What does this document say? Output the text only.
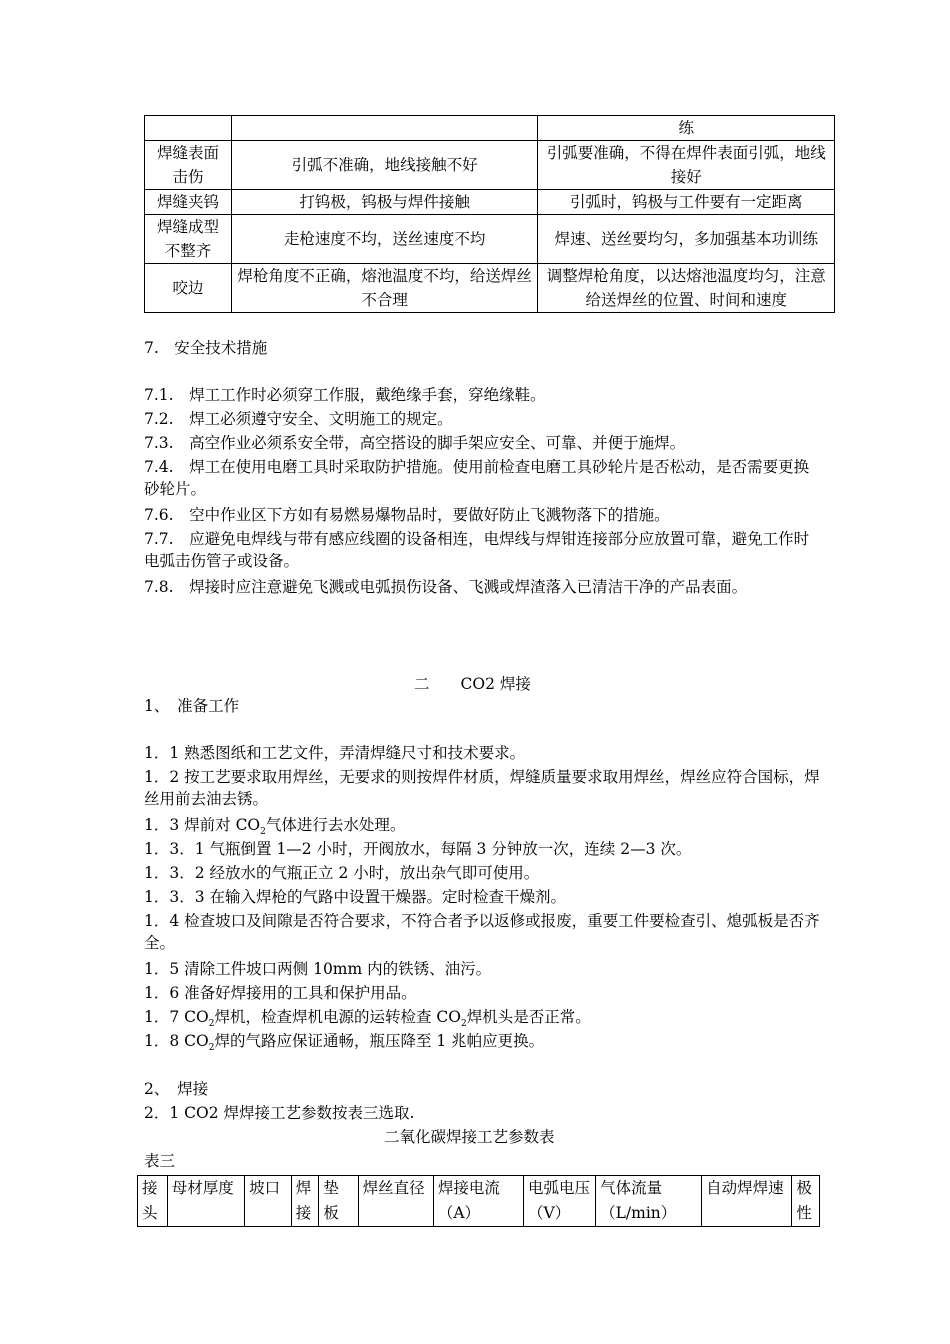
		练
焊缝表面击伤	引弧不准确，地线接触不好	引弧要准确，不得在焊件表面引弧，地线接好
焊缝夹钨	打钨极，钨极与焊件接触	引弧时，钨极与工件要有一定距离
焊缝成型不整齐	走枪速度不均，送丝速度不均	焊速、送丝要均匀，多加强基本功训练
咬边	焊枪角度不正确，熔池温度不均，给送焊丝不合理	调整焊枪角度，以达熔池温度均匀，注意给送焊丝的位置、时间和速度
7.　安全技术措施
7.1.　焊工工作时必须穿工作服，戴绝缘手套，穿绝缘鞋。
7.2.　焊工必须遵守安全、文明施工的规定。
7.3.　高空作业必须系安全带，高空搭设的脚手架应安全、可靠、并便于施焊。
7.4.　焊工在使用电磨工具时采取防护措施。使用前检查电磨工具砂轮片是否松动，是否需要更换砂轮片。
7.6.　空中作业区下方如有易燃易爆物品时，要做好防止飞溅物落下的措施。
7.7.　应避免电焊线与带有感应线圈的设备相连，电焊线与焊钳连接部分应放置可靠，避免工作时电弧击伤管子或设备。
7.8.　焊接时应注意避免飞溅或电弧损伤设备、飞溅或焊渣落入已清洁干净的产品表面。
二　　CO2 焊接
1、　准备工作
1．1 熟悉图纸和工艺文件，弄清焊缝尺寸和技术要求。
1．2 按工艺要求取用焊丝，无要求的则按焊件材质，焊缝质量要求取用焊丝，焊丝应符合国标，焊丝用前去油去锈。
1．3 焊前对 $CO_2$气体进行去水处理。
1．3．1 气瓶倒置 1—2 小时，开阀放水，每隔 3 分钟放一次，连续 2—3 次。
1．3．2 经放水的气瓶正立 2 小时，放出杂气即可使用。
1．3．3 在输入焊枪的气路中设置干燥器。定时检查干燥剂。
1．4 检查坡口及间隙是否符合要求，不符合者予以返修或报废，重要工件要检查引、熄弧板是否齐全。
1．5 清除工件坡口两侧 10mm 内的铁锈、油污。
1．6 准备好焊接用的工具和保护用品。
1．7 $CO_2$焊机，检查焊机电源的运转检查 $CO_2$焊机头是否正常。
1．8 $CO_2$焊的气路应保证通畅，瓶压降至 1 兆帕应更换。
2、　焊接
2．1 CO2 焊焊接工艺参数按表三选取.
二氧化碳焊接工艺参数表
表三
接头	母材厚度	坡口	焊接	垫板	焊丝直径	焊接电流（A）	电弧电压（V）	气体流量（L/min）	自动焊焊速	极性
